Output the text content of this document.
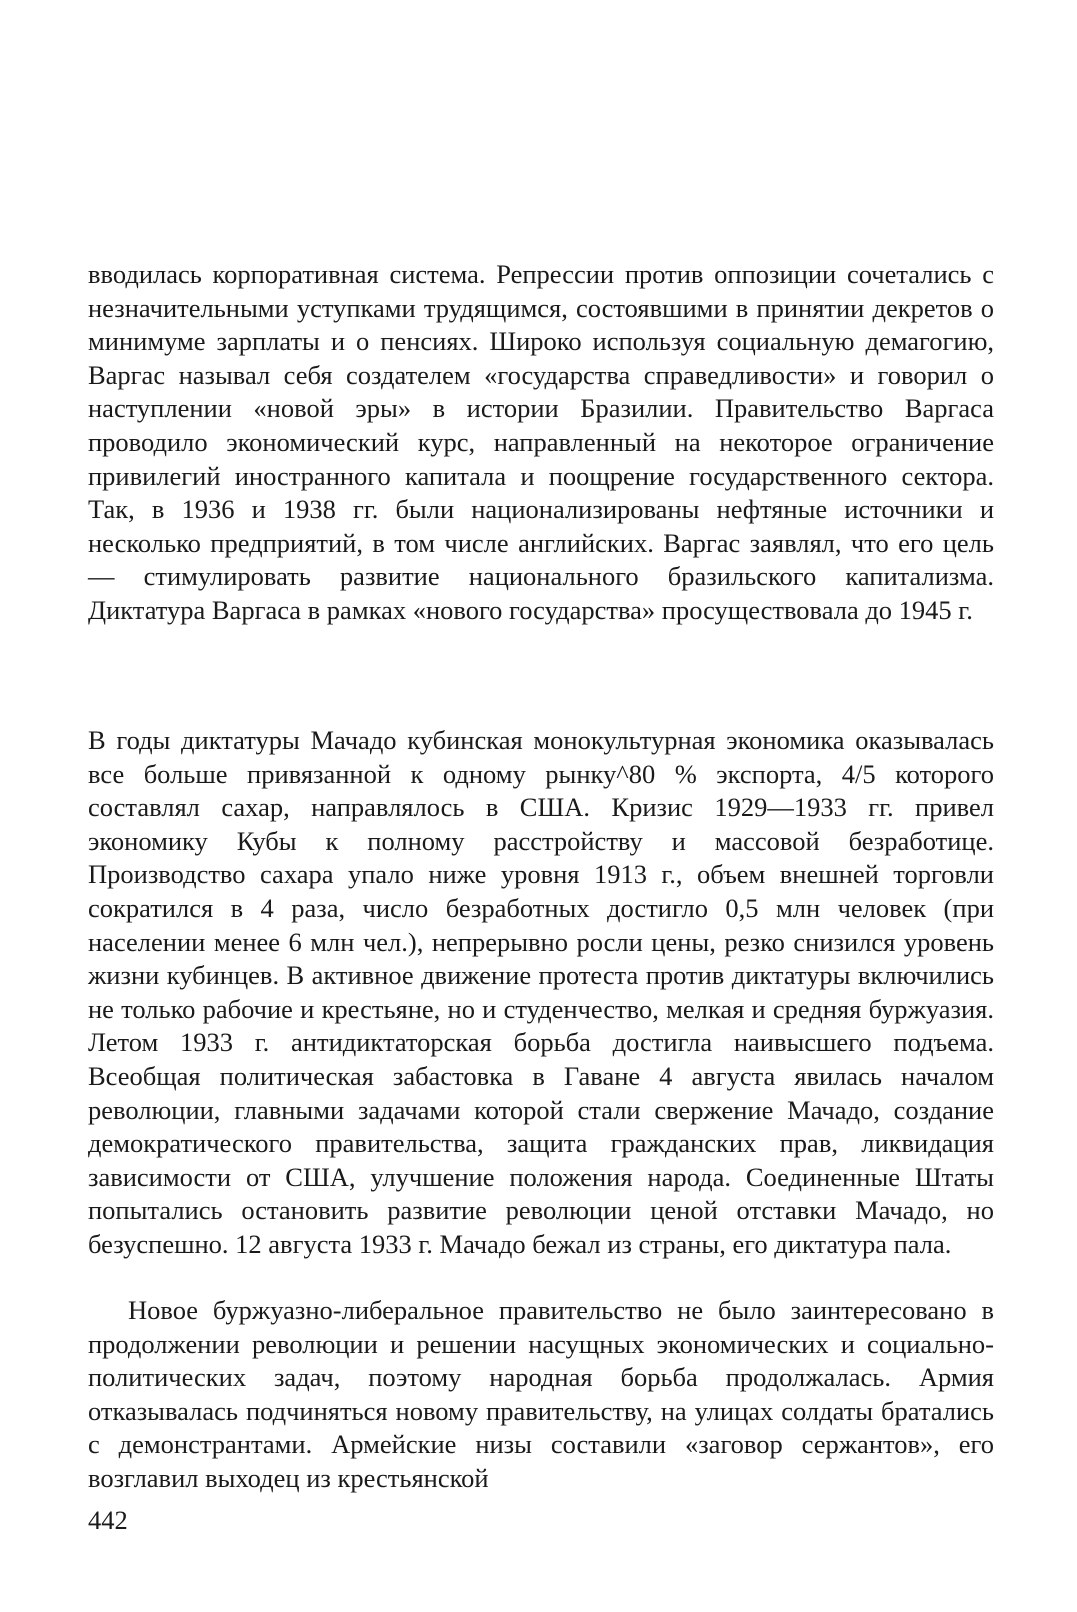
вводилась корпоративная система. Репрессии против оппозиции сочетались с незначительными уступками трудящимся, состоявшими в принятии декретов о минимуме зарплаты и о пенсиях. Широко используя социальную демагогию, Варгас называл себя создателем «государства справедливости» и говорил о наступлении «новой эры» в истории Бразилии. Правительство Варгаса проводило экономический курс, направленный на некоторое ограничение привилегий иностранного капитала и поощрение государственного сектора. Так, в 1936 и 1938 гг. были национализированы нефтяные источники и несколько предприятий, в том числе английских. Варгас заявлял, что его цель — стимулировать развитие национального бразильского капитализма. Диктатура Варгаса в рамках «нового государства» просуществовала до 1945 г.

В годы диктатуры Мачадо кубинская монокультурная экономика оказывалась все больше привязанной к одному рынку^80 % экспорта, 4/5 которого составлял сахар, направлялось в США. Кризис 1929—1933 гг. привел экономику Кубы к полному расстройству и массовой безработице. Производство сахара упало ниже уровня 1913 г., объем внешней торговли сократился в 4 раза, число безработных достигло 0,5 млн человек (при населении менее 6 млн чел.), непрерывно росли цены, резко снизился уровень жизни кубинцев. В активное движение протеста против диктатуры включились не только рабочие и крестьяне, но и студенчество, мелкая и средняя буржуазия. Летом 1933 г. антидиктаторская борьба достигла наивысшего подъема. Всеобщая политическая забастовка в Гаване 4 августа явилась началом революции, главными задачами которой стали свержение Мачадо, создание демократического правительства, защита гражданских прав, ликвидация зависимости от США, улучшение положения народа. Соединенные Штаты попытались остановить развитие революции ценой отставки Мачадо, но безуспешно. 12 августа 1933 г. Мачадо бежал из страны, его диктатура пала.

Новое буржуазно-либеральное правительство не было заинтересовано в продолжении революции и решении насущных экономических и социально-политических задач, поэтому народная борьба продолжалась. Армия отказывалась подчиняться новому правительству, на улицах солдаты братались с демонстрантами. Армейские низы составили «заговор сержантов», его возглавил выходец из крестьянской

442
